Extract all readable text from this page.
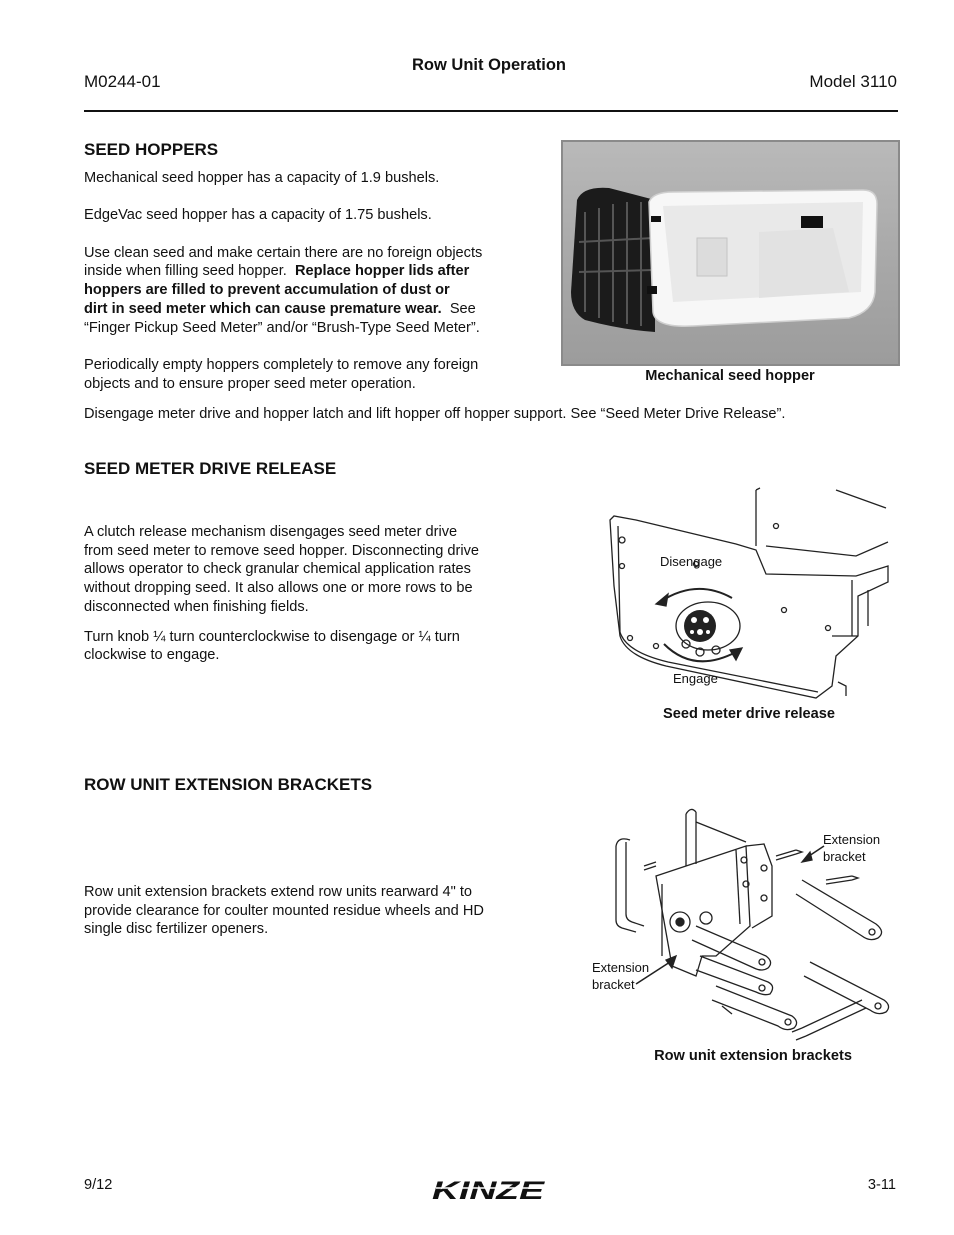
M0244-01
Row Unit Operation
Model 3110
SEED HOPPERS

Mechanical seed hopper has a capacity of 1.9 bushels.

EdgeVac seed hopper has a capacity of 1.75 bushels.

Use clean seed and make certain there are no foreign objects
inside when filling seed hopper. Replace hopper lids after
hoppers are filled to prevent accumulation of dust or
dirt in seed meter which can cause premature wear. See
“Finger Pickup Seed Meter” and/or “Brush-Type Seed Meter”.

Periodically empty hoppers completely to remove any foreign
objects and to ensure proper seed meter operation.	Mechanical seed hopper
Disengage meter drive and hopper latch and lift hopper off hopper support. See “Seed Meter Drive Release”.
SEED METER DRIVE RELEASE

A clutch release mechanism disengages seed meter drive
from seed meter to remove seed hopper. Disconnecting drive
allows operator to check granular chemical application rates
without dropping seed. It also allows one or more rows to be
disconnected when finishing fields.

Turn knob ¼ turn counterclockwise to disengage or ¼ turn
clockwise to engage.

Disengage
Engage
Seed meter drive release
ROW UNIT EXTENSION BRACKETS

Row unit extension brackets extend row units rearward 4" to
provide clearance for coulter mounted residue wheels and HD
single disc fertilizer openers.

Extension
bracket
Extension
bracket
Row unit extension brackets
9/12	KINZE	3-11
